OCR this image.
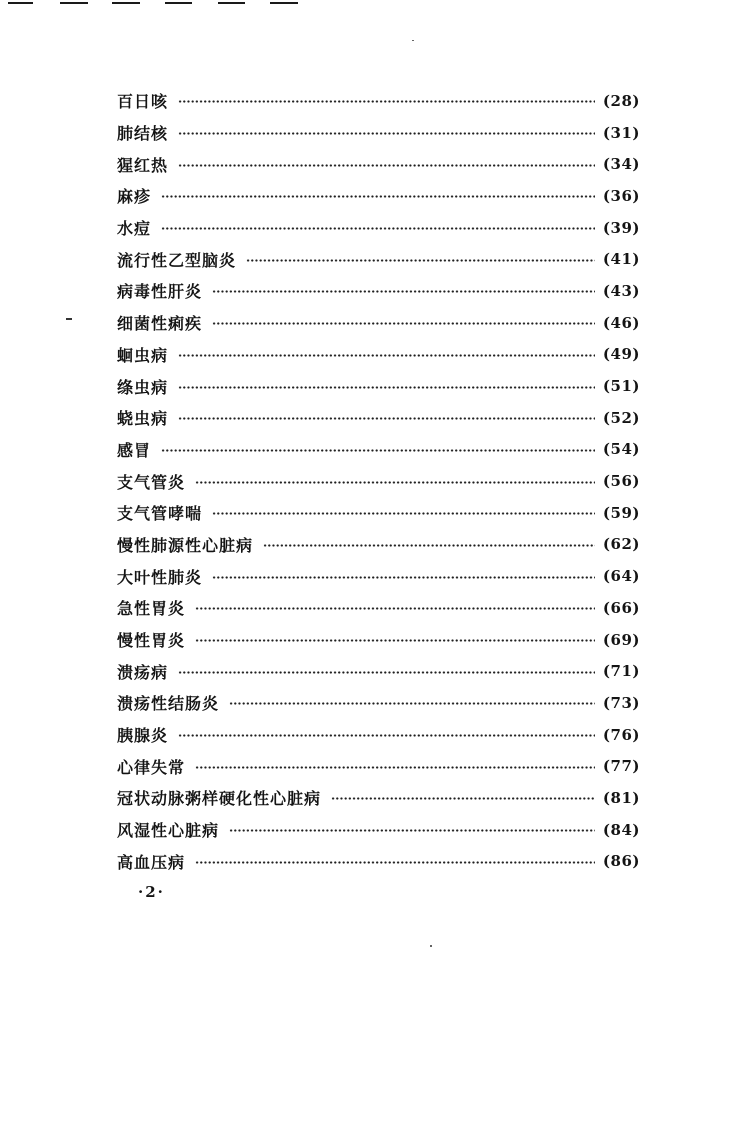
百日咳	(28)
肺结核	(31)
猩红热	(34)
麻疹	(36)
水痘	(39)
流行性乙型脑炎	(41)
病毒性肝炎	(43)
细菌性痢疾	(46)
蛔虫病	(49)
绦虫病	(51)
蛲虫病	(52)
感冒	(54)
支气管炎	(56)
支气管哮喘	(59)
慢性肺源性心脏病	(62)
大叶性肺炎	(64)
急性胃炎	(66)
慢性胃炎	(69)
溃疡病	(71)
溃疡性结肠炎	(73)
胰腺炎	(76)
心律失常	(77)
冠状动脉粥样硬化性心脏病	(81)
风湿性心脏病	(84)
高血压病	(86)
·2·
